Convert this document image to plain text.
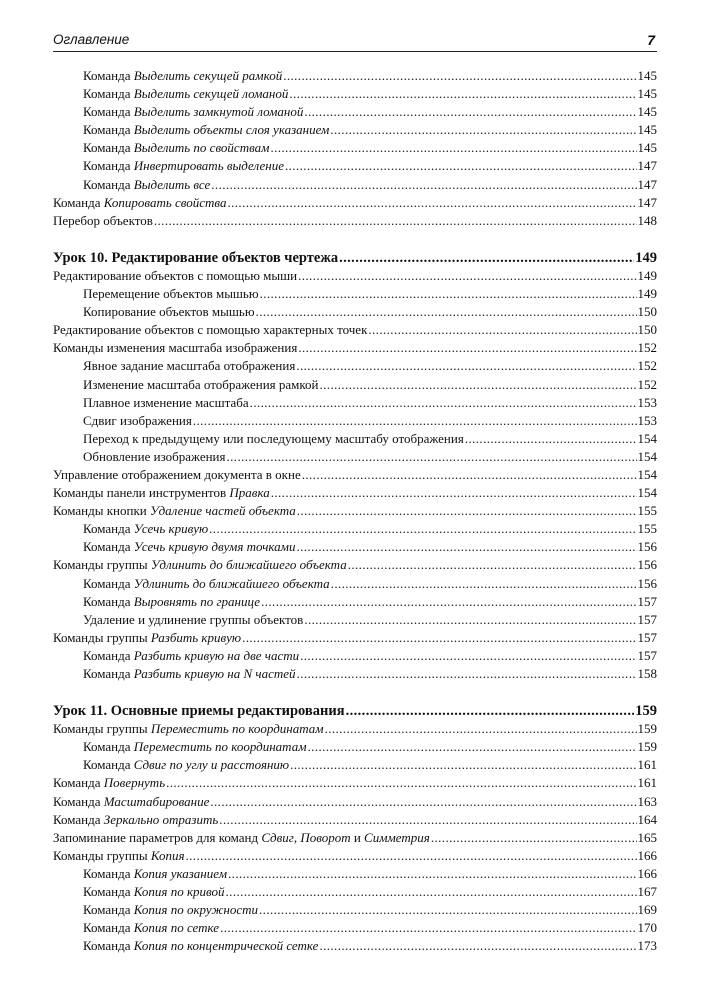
Оглавление	7
Команда Выделить секущей рамкой .....	145
Команда Выделить секущей ломаной .....	145
Команда Выделить замкнутой ломаной .....	145
Команда Выделить объекты слоя указанием .....	145
Команда Выделить по свойствам .....	145
Команда Инвертировать выделение .....	147
Команда Выделить все .....	147
Команда Копировать свойства .....	147
Перебор объектов .....	148
Урок 10. Редактирование объектов чертежа .....	149
Редактирование объектов с помощью мыши .....	149
Перемещение объектов мышью .....	149
Копирование объектов мышью .....	150
Редактирование объектов с помощью характерных точек .....	150
Команды изменения масштаба изображения .....	152
Явное задание масштаба отображения .....	152
Изменение масштаба отображения рамкой .....	152
Плавное изменение масштаба .....	153
Сдвиг изображения .....	153
Переход к предыдущему или последующему масштабу отображения .....	154
Обновление изображения .....	154
Управление отображением документа в окне .....	154
Команды панели инструментов Правка .....	154
Команды кнопки Удаление частей объекта .....	155
Команда Усечь кривую .....	155
Команда Усечь кривую двумя точками .....	156
Команды группы Удлинить до ближайшего объекта .....	156
Команда Удлинить до ближайшего объекта .....	156
Команда Выровнять по границе .....	157
Удаление и удлинение группы объектов .....	157
Команды группы Разбить кривую .....	157
Команда Разбить кривую на две части .....	157
Команда Разбить кривую на N частей .....	158
Урок 11. Основные приемы редактирования .....	159
Команды группы Переместить по координатам .....	159
Команда Переместить по координатам .....	159
Команда Сдвиг по углу и расстоянию .....	161
Команда Повернуть .....	161
Команда Масштабирование .....	163
Команда Зеркально отразить .....	164
Запоминание параметров для команд Сдвиг, Поворот и Симметрия .....	165
Команды группы Копия .....	166
Команда Копия указанием .....	166
Команда Копия по кривой .....	167
Команда Копия по окружности .....	169
Команда Копия по сетке .....	170
Команда Копия по концентрической сетке .....	173
